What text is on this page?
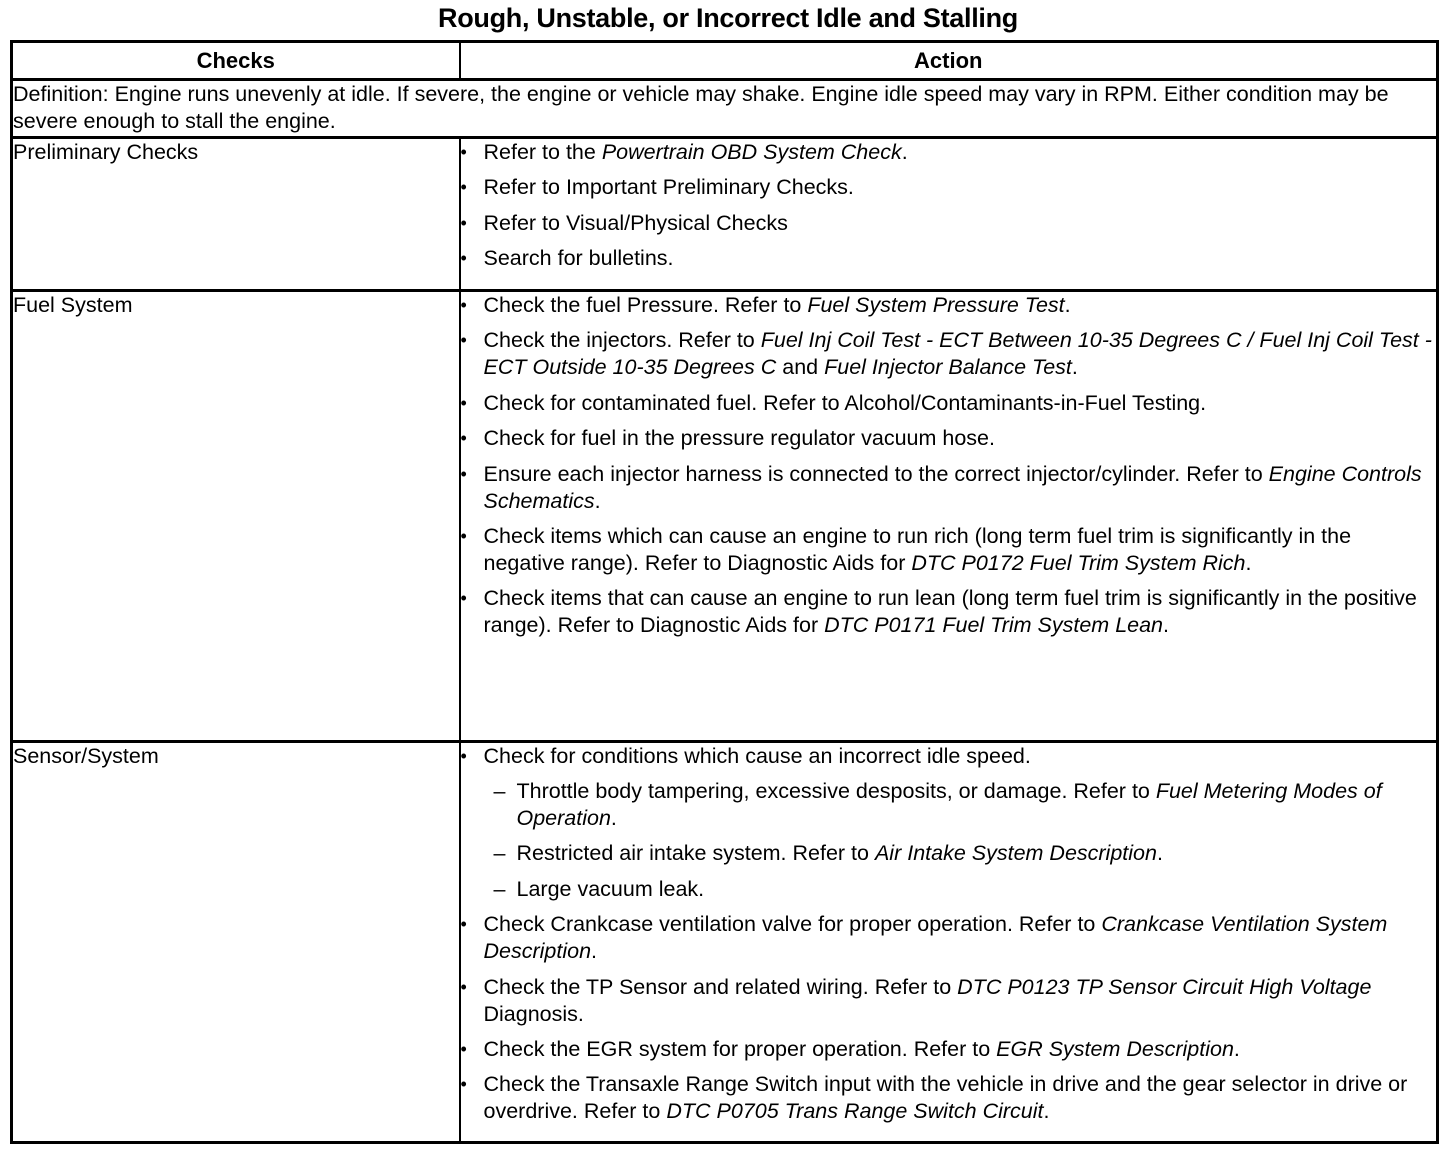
Rough, Unstable, or Incorrect Idle and Stalling
Checks	Action
Definition: Engine runs unevenly at idle. If severe, the engine or vehicle may shake. Engine idle speed may vary in RPM. Either condition may be severe enough to stall the engine.	
Preliminary Checks	• Refer to the Powertrain OBD System Check.
• Refer to Important Preliminary Checks.
• Refer to Visual/Physical Checks
• Search for bulletins.

Fuel System	• Check the fuel Pressure. Refer to Fuel System Pressure Test.
• Check the injectors. Refer to Fuel Inj Coil Test - ECT Between 10-35 Degrees C / Fuel Inj Coil Test - ECT Outside 10-35 Degrees C and Fuel Injector Balance Test.
• Check for contaminated fuel. Refer to Alcohol/Contaminants-in-Fuel Testing.
• Check for fuel in the pressure regulator vacuum hose.
• Ensure each injector harness is connected to the correct injector/cylinder. Refer to Engine Controls Schematics.
• Check items which can cause an engine to run rich (long term fuel trim is significantly in the negative range). Refer to Diagnostic Aids for DTC P0172 Fuel Trim System Rich.
• Check items that can cause an engine to run lean (long term fuel trim is significantly in the positive range). Refer to Diagnostic Aids for DTC P0171 Fuel Trim System Lean.

Sensor/System	• Check for conditions which cause an incorrect idle speed.
– Throttle body tampering, excessive desposits, or damage. Refer to Fuel Metering Modes of Operation.
– Restricted air intake system. Refer to Air Intake System Description.
– Large vacuum leak.
• Check Crankcase ventilation valve for proper operation. Refer to Crankcase Ventilation System Description.
• Check the TP Sensor and related wiring. Refer to DTC P0123 TP Sensor Circuit High Voltage Diagnosis.
• Check the EGR system for proper operation. Refer to EGR System Description.
• Check the Transaxle Range Switch input with the vehicle in drive and the gear selector in drive or overdrive. Refer to DTC P0705 Trans Range Switch Circuit.
